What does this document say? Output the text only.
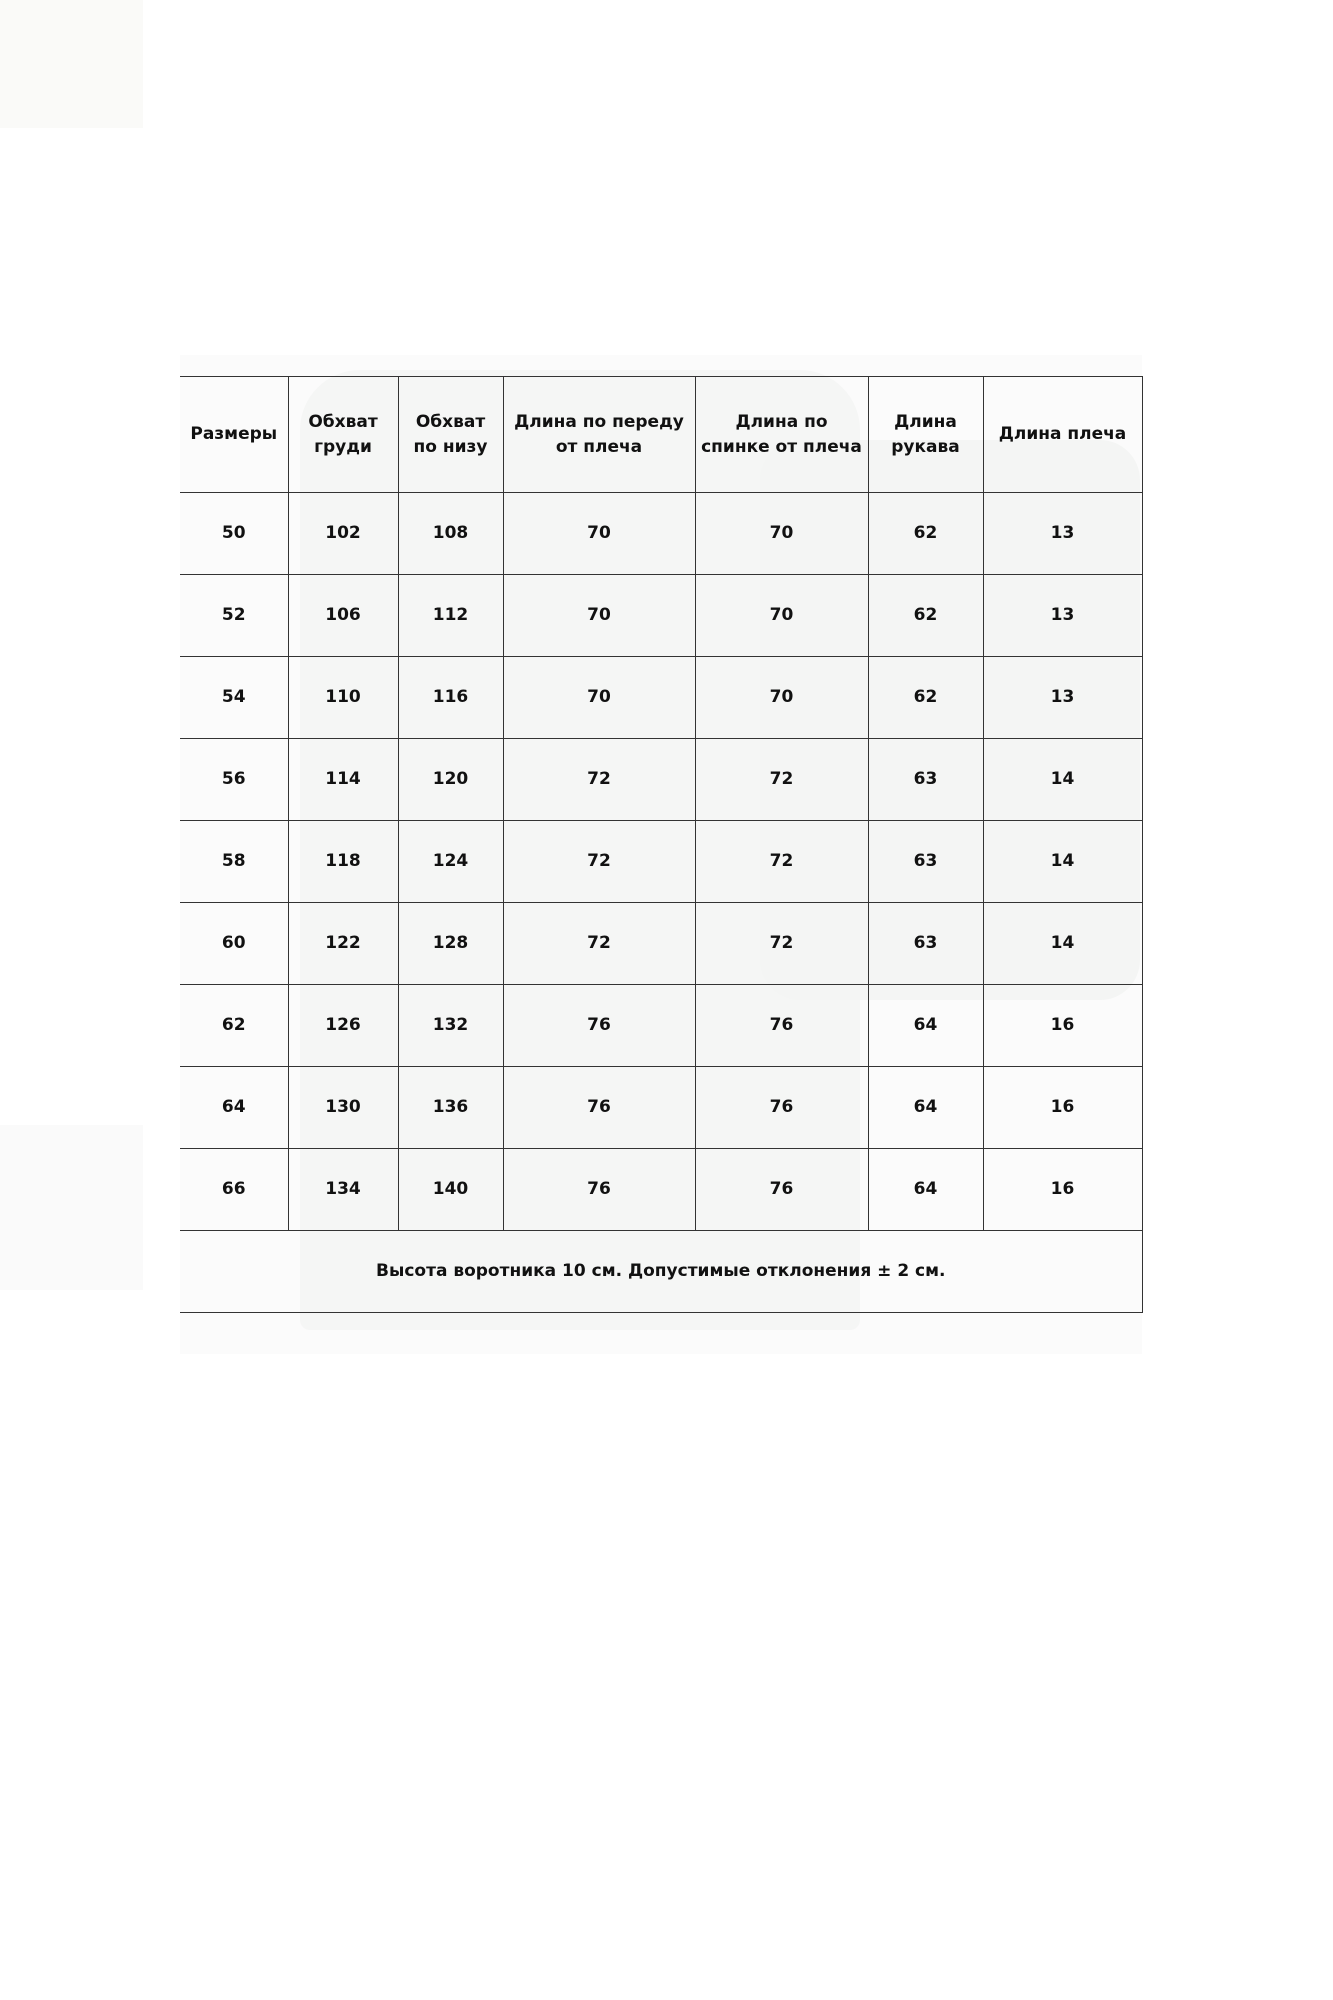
Размеры	Обхват груди	Обхват по низу	Длина по переду от плеча	Длина по спинке от плеча	Длина рукава	Длина плеча
50	102	108	70	70	62	13
52	106	112	70	70	62	13
54	110	116	70	70	62	13
56	114	120	72	72	63	14
58	118	124	72	72	63	14
60	122	128	72	72	63	14
62	126	132	76	76	64	16
64	130	136	76	76	64	16
66	134	140	76	76	64	16
Высота воротника 10 см. Допустимые отклонения ± 2 см.						
